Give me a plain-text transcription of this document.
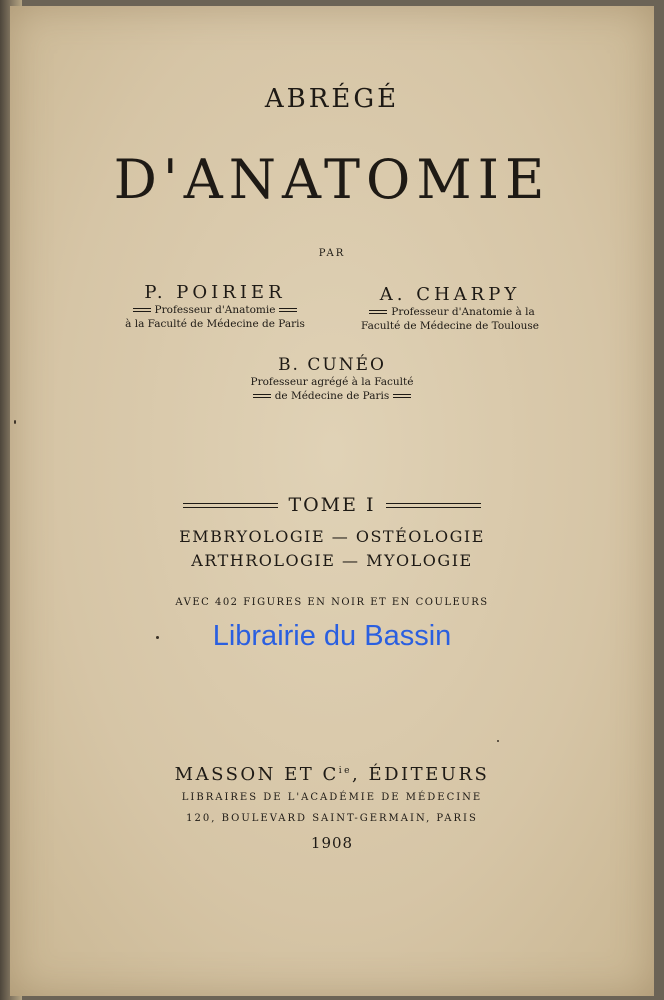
ABRÉGÉ
D'ANATOMIE
PAR
P. POIRIER
Professeur d'Anatomie
à la Faculté de Médecine de Paris
A. CHARPY
Professeur d'Anatomie à la
Faculté de Médecine de Toulouse
B. CUNÉO
Professeur agrégé à la Faculté
de Médecine de Paris
TOME I
EMBRYOLOGIE — OSTÉOLOGIE
ARTHROLOGIE — MYOLOGIE
AVEC 402 FIGURES EN NOIR ET EN COULEURS
Librairie du Bassin
MASSON ET $C^{ie}$, ÉDITEURS
LIBRAIRES DE L'ACADÉMIE DE MÉDECINE
120, BOULEVARD SAINT-GERMAIN, PARIS
1908
